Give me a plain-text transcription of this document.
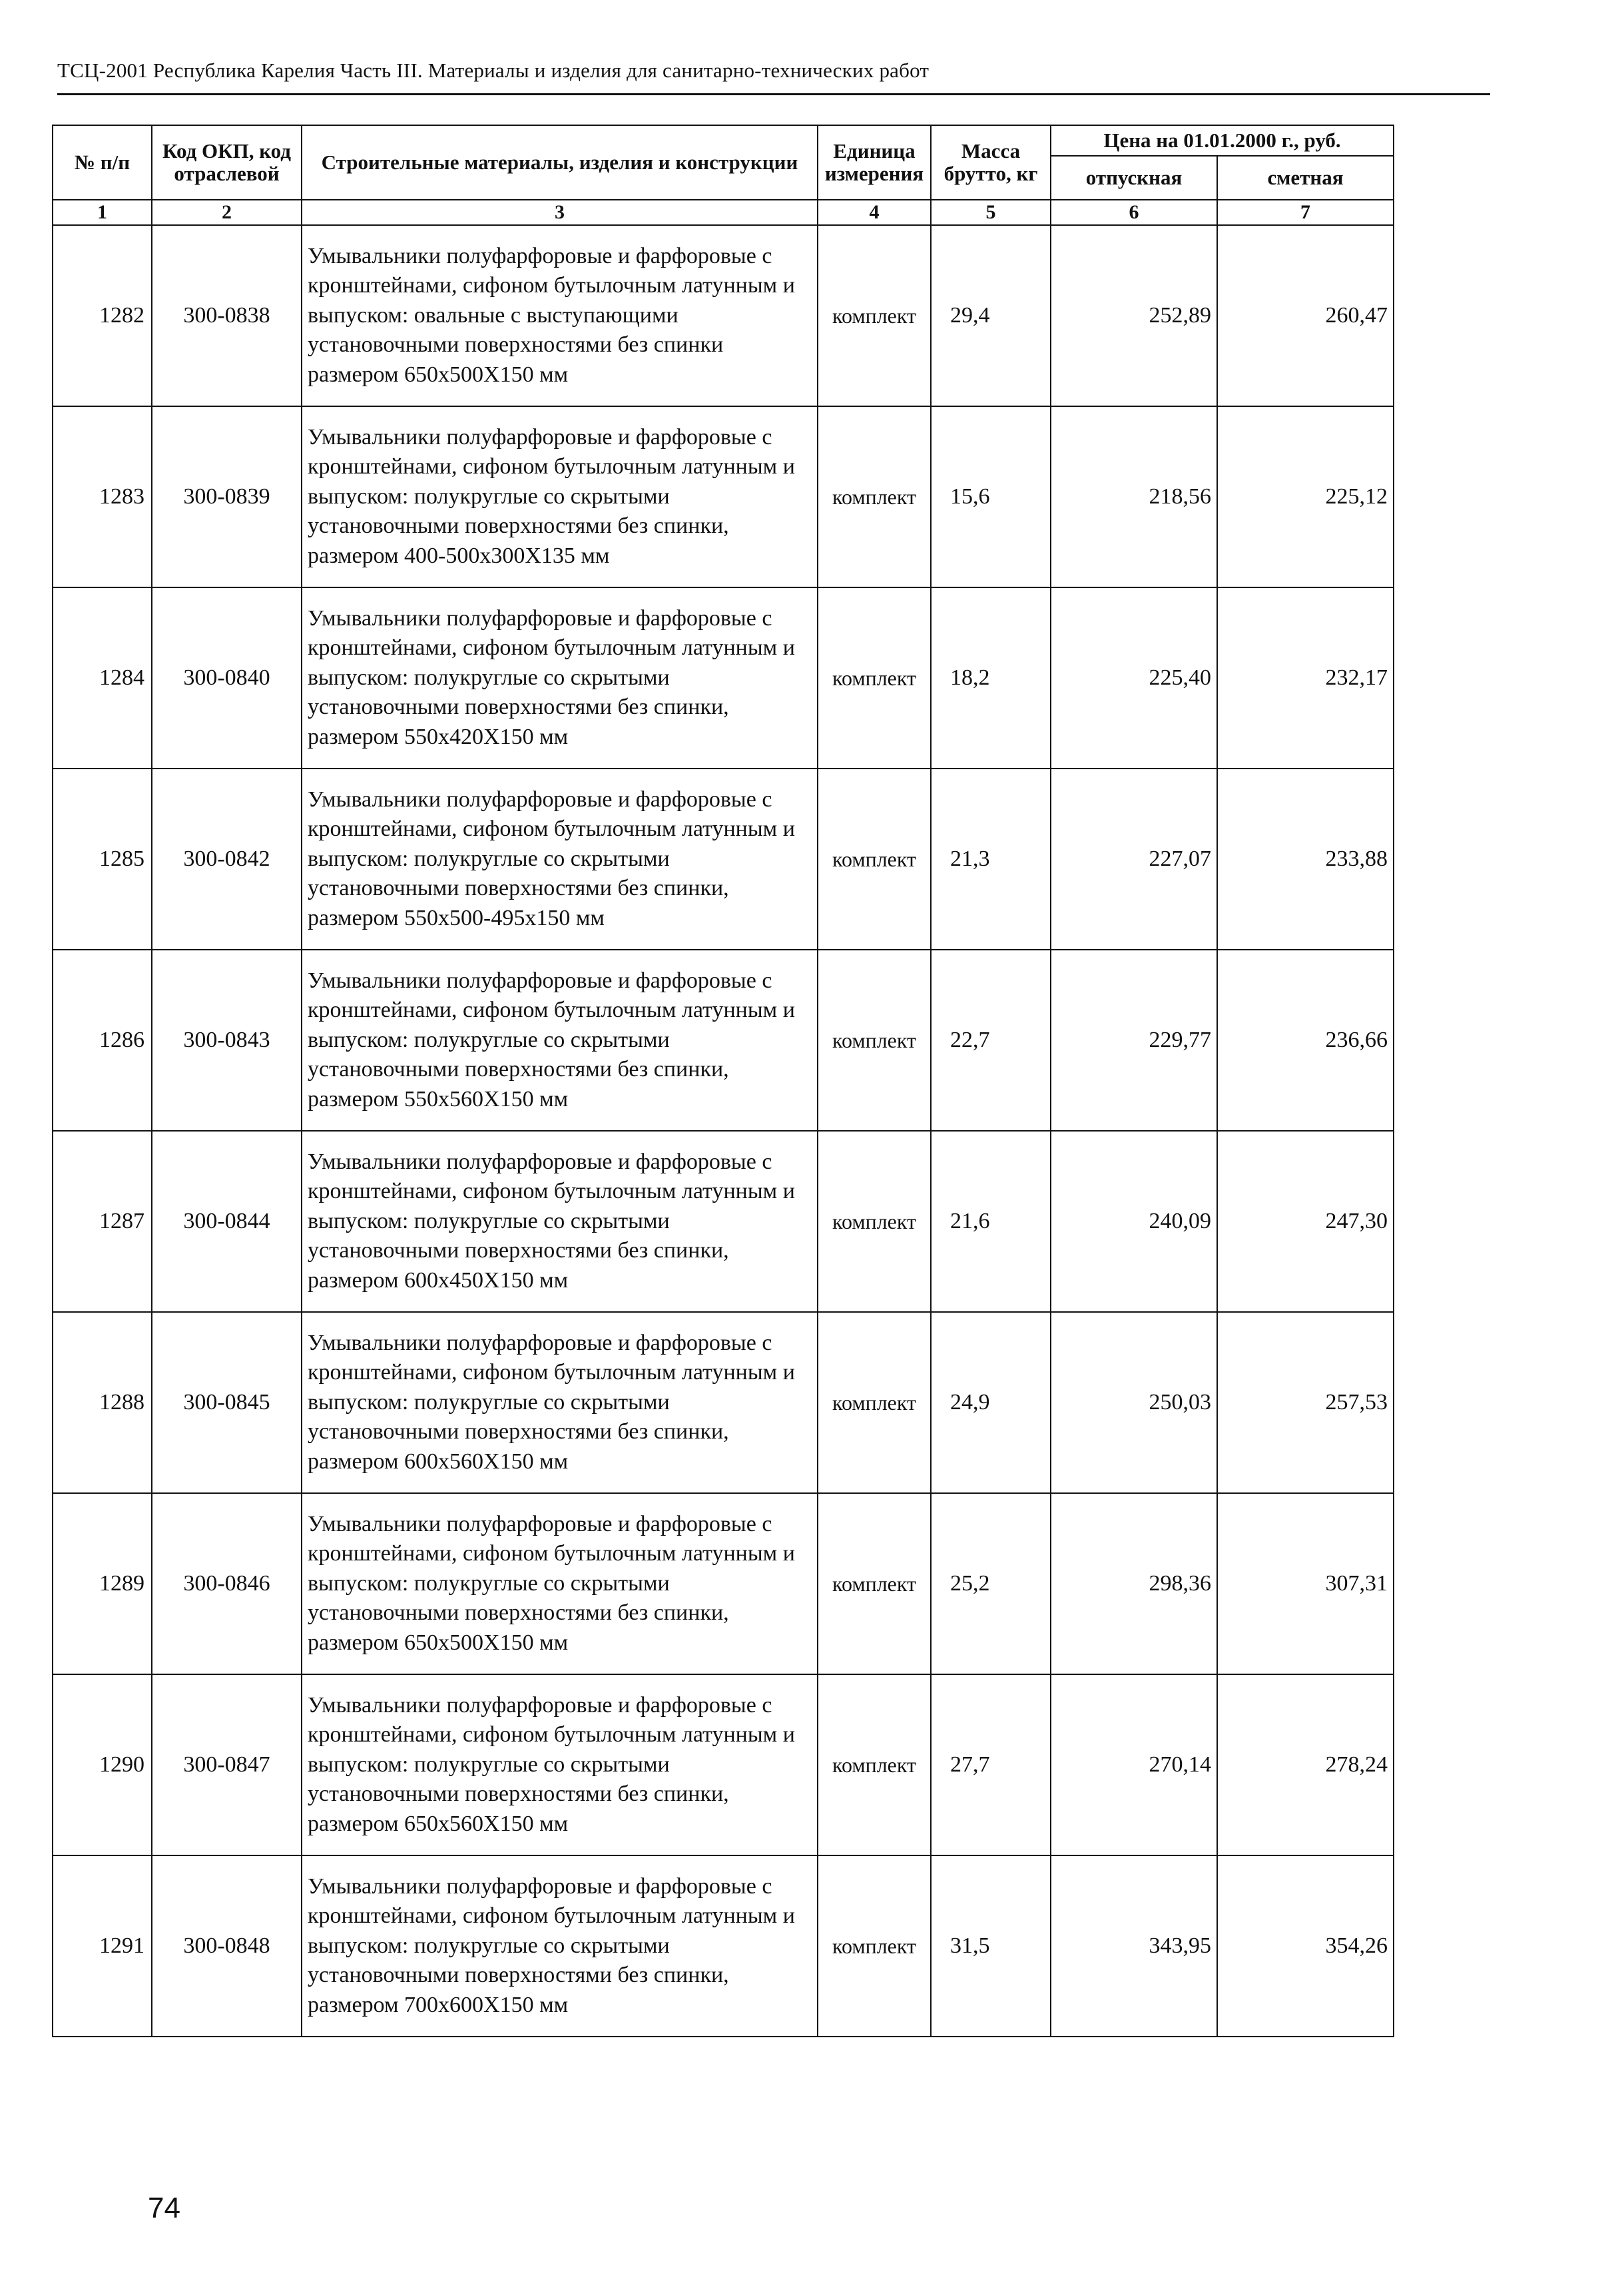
ТСЦ-2001 Республика Карелия Часть III. Материалы и изделия для санитарно-технических работ
№ п/п	Код ОКП, код отраслевой	Строительные материалы, изделия и конструкции	Единица измерения	Масса брутто, кг	Цена на 01.01.2000 г., руб.	
					отпускная	сметная
1	2	3	4	5	6	7
1282	300-0838	Умывальники полуфарфоровые и фарфоровые с кронштейнами, сифоном бутылочным латунным и выпуском: овальные с выступающими установочными поверхностями без спинки размером 650x500X150 мм	комплект	29,4	252,89	260,47
1283	300-0839	Умывальники полуфарфоровые и фарфоровые с кронштейнами, сифоном бутылочным латунным и выпуском: полукруглые со скрытыми установочными поверхностями без спинки, размером 400-500x300X135 мм	комплект	15,6	218,56	225,12
1284	300-0840	Умывальники полуфарфоровые и фарфоровые с кронштейнами, сифоном бутылочным латунным и выпуском: полукруглые со скрытыми установочными поверхностями без спинки, размером 550x420X150 мм	комплект	18,2	225,40	232,17
1285	300-0842	Умывальники полуфарфоровые и фарфоровые с кронштейнами, сифоном бутылочным латунным и выпуском: полукруглые со скрытыми установочными поверхностями без спинки, размером 550x500-495x150 мм	комплект	21,3	227,07	233,88
1286	300-0843	Умывальники полуфарфоровые и фарфоровые с кронштейнами, сифоном бутылочным латунным и выпуском: полукруглые со скрытыми установочными поверхностями без спинки, размером 550x560X150 мм	комплект	22,7	229,77	236,66
1287	300-0844	Умывальники полуфарфоровые и фарфоровые с кронштейнами, сифоном бутылочным латунным и выпуском: полукруглые со скрытыми установочными поверхностями без спинки, размером 600x450X150 мм	комплект	21,6	240,09	247,30
1288	300-0845	Умывальники полуфарфоровые и фарфоровые с кронштейнами, сифоном бутылочным латунным и выпуском: полукруглые со скрытыми установочными поверхностями без спинки, размером 600x560X150 мм	комплект	24,9	250,03	257,53
1289	300-0846	Умывальники полуфарфоровые и фарфоровые с кронштейнами, сифоном бутылочным латунным и выпуском: полукруглые со скрытыми установочными поверхностями без спинки, размером 650x500X150 мм	комплект	25,2	298,36	307,31
1290	300-0847	Умывальники полуфарфоровые и фарфоровые с кронштейнами, сифоном бутылочным латунным и выпуском: полукруглые со скрытыми установочными поверхностями без спинки, размером 650x560X150 мм	комплект	27,7	270,14	278,24
1291	300-0848	Умывальники полуфарфоровые и фарфоровые с кронштейнами, сифоном бутылочным латунным и выпуском: полукруглые со скрытыми установочными поверхностями без спинки, размером 700x600X150 мм	комплект	31,5	343,95	354,26
74
